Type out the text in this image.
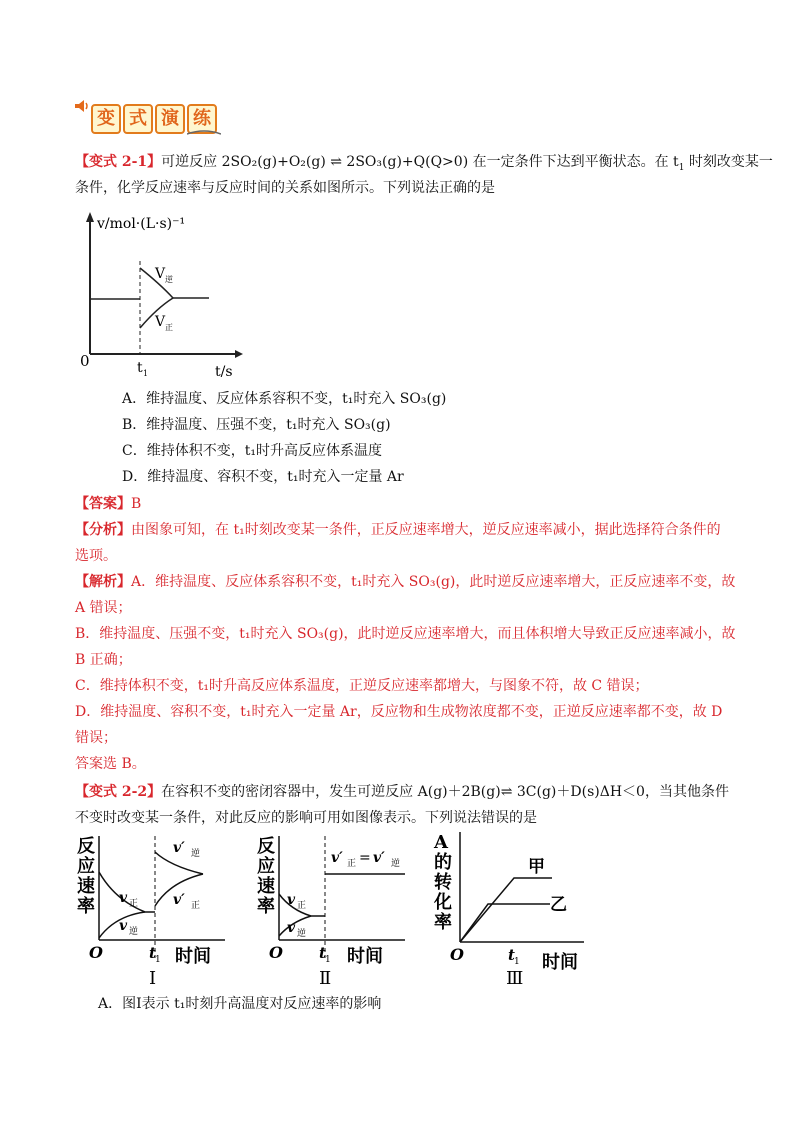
变 式 演 练
【变式 2-1】可逆反应 2SO₂(g)+O₂(g) ⇌ 2SO₃(g)+Q(Q>0) 在一定条件下达到平衡状态。在 $t_1$ 时刻改变某一
条件，化学反应速率与反应时间的关系如图所示。下列说法正确的是
v/mol·(L·s)⁻¹
V 逆
V 正
0	t 1	t/s
A．维持温度、反应体系容积不变，t₁时充入 SO₃(g)
B．维持温度、压强不变，t₁时充入 SO₃(g)
C．维持体积不变，t₁时升高反应体系温度
D．维持温度、容积不变，t₁时充入一定量 Ar
【答案】B
【分析】由图象可知，在 t₁时刻改变某一条件，正反应速率增大，逆反应速率减小，据此选择符合条件的
选项。
【解析】A．维持温度、反应体系容积不变，t₁时充入 SO₃(g)，此时逆反应速率增大，正反应速率不变，故
A 错误；
B．维持温度、压强不变，t₁时充入 SO₃(g)，此时逆反应速率增大，而且体积增大导致正反应速率减小，故
B 正确；
C．维持体积不变，t₁时升高反应体系温度，正逆反应速率都增大，与图象不符，故 C 错误；
D．维持温度、容积不变，t₁时充入一定量 Ar，反应物和生成物浓度都不变，正逆反应速率都不变，故 D
错误；
答案选 B。
【变式 2-2】在容积不变的密闭容器中，发生可逆反应 A(g)＋2B(g)⇌ 3C(g)＋D(s)ΔH＜0，当其他条件
不变时改变某一条件，对此反应的影响可用如图像表示。下列说法错误的是
反
应
速
率
v′
v′
v
v
O	t
逆
正
正
逆
1 时间
Ⅰ
反
应
速
率
v′ v′
v
v
O t
=
正	逆
正
逆
1 时间
Ⅱ
A
的
转
化
率
甲
乙
O	t 1 时间
Ⅲ
A．图Ⅰ表示 t₁时刻升高温度对反应速率的影响
